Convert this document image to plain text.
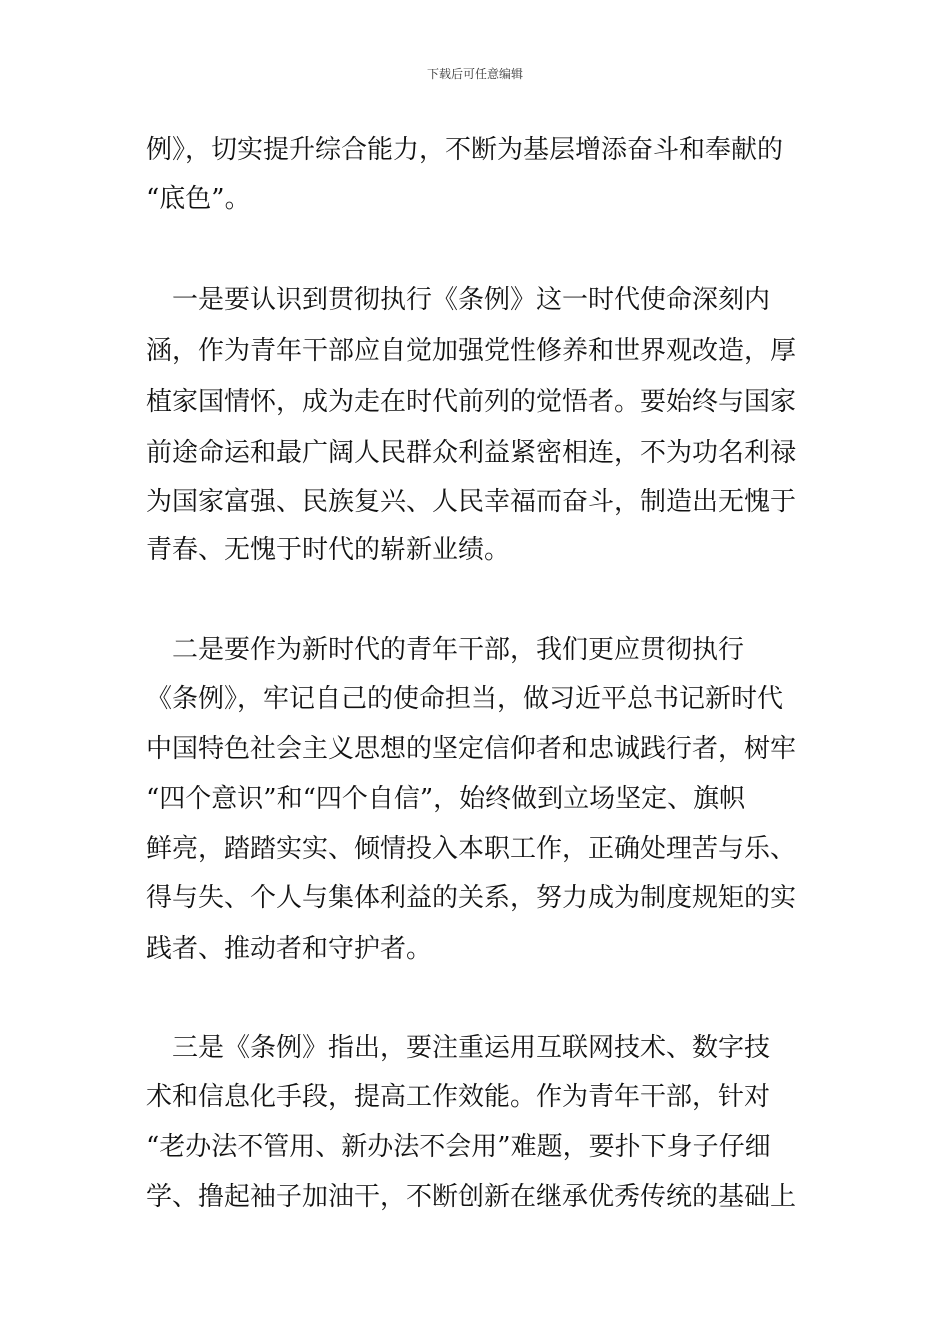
下载后可任意编辑
例》，切实提升综合能力，不断为基层增添奋斗和奉献的
“底色”。
　一是要认识到贯彻执行《条例》这一时代使命深刻内
涵，作为青年干部应自觉加强党性修养和世界观改造，厚
植家国情怀，成为走在时代前列的觉悟者。要始终与国家
前途命运和最广阔人民群众利益紧密相连，不为功名利禄
为国家富强、民族复兴、人民幸福而奋斗，制造出无愧于
青春、无愧于时代的崭新业绩。
　二是要作为新时代的青年干部，我们更应贯彻执行
《条例》，牢记自己的使命担当，做习近平总书记新时代
中国特色社会主义思想的坚定信仰者和忠诚践行者，树牢
“四个意识”和“四个自信”，始终做到立场坚定、旗帜
鲜亮，踏踏实实、倾情投入本职工作，正确处理苦与乐、
得与失、个人与集体利益的关系，努力成为制度规矩的实
践者、推动者和守护者。
　三是《条例》指出，要注重运用互联网技术、数字技
术和信息化手段，提高工作效能。作为青年干部，针对
“老办法不管用、新办法不会用”难题，要扑下身子仔细
学、撸起袖子加油干，不断创新在继承优秀传统的基础上
